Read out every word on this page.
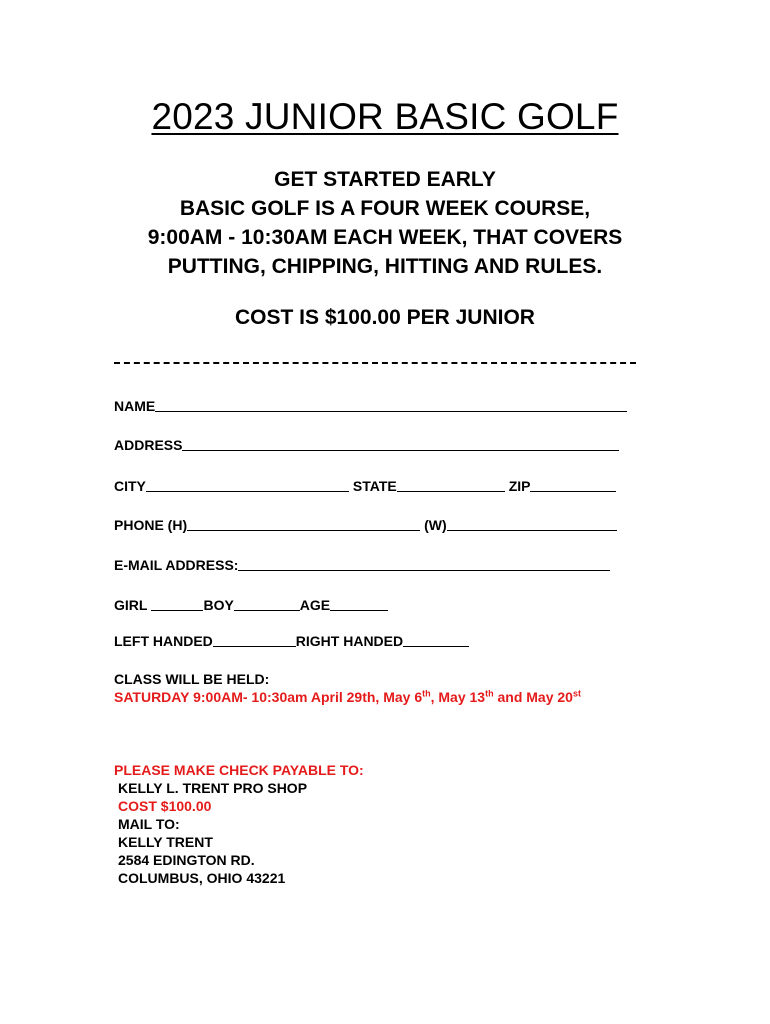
2023 JUNIOR BASIC GOLF
GET STARTED EARLY
BASIC GOLF IS A FOUR WEEK COURSE,
9:00AM - 10:30AM EACH WEEK, THAT COVERS
PUTTING, CHIPPING, HITTING AND RULES.
COST IS $100.00 PER JUNIOR
NAME
ADDRESS
CITY	STATE	ZIP
PHONE (H)	(W)
E-MAIL ADDRESS:
GIRL	BOY	AGE
LEFT HANDED	RIGHT HANDED
CLASS WILL BE HELD:
SATURDAY 9:00AM- 10:30am April 29th, May 6th, May 13th and May 20st
PLEASE MAKE CHECK PAYABLE TO:
KELLY L. TRENT PRO SHOP
COST $100.00
MAIL TO:
KELLY TRENT
2584 EDINGTON RD.
COLUMBUS, OHIO 43221
